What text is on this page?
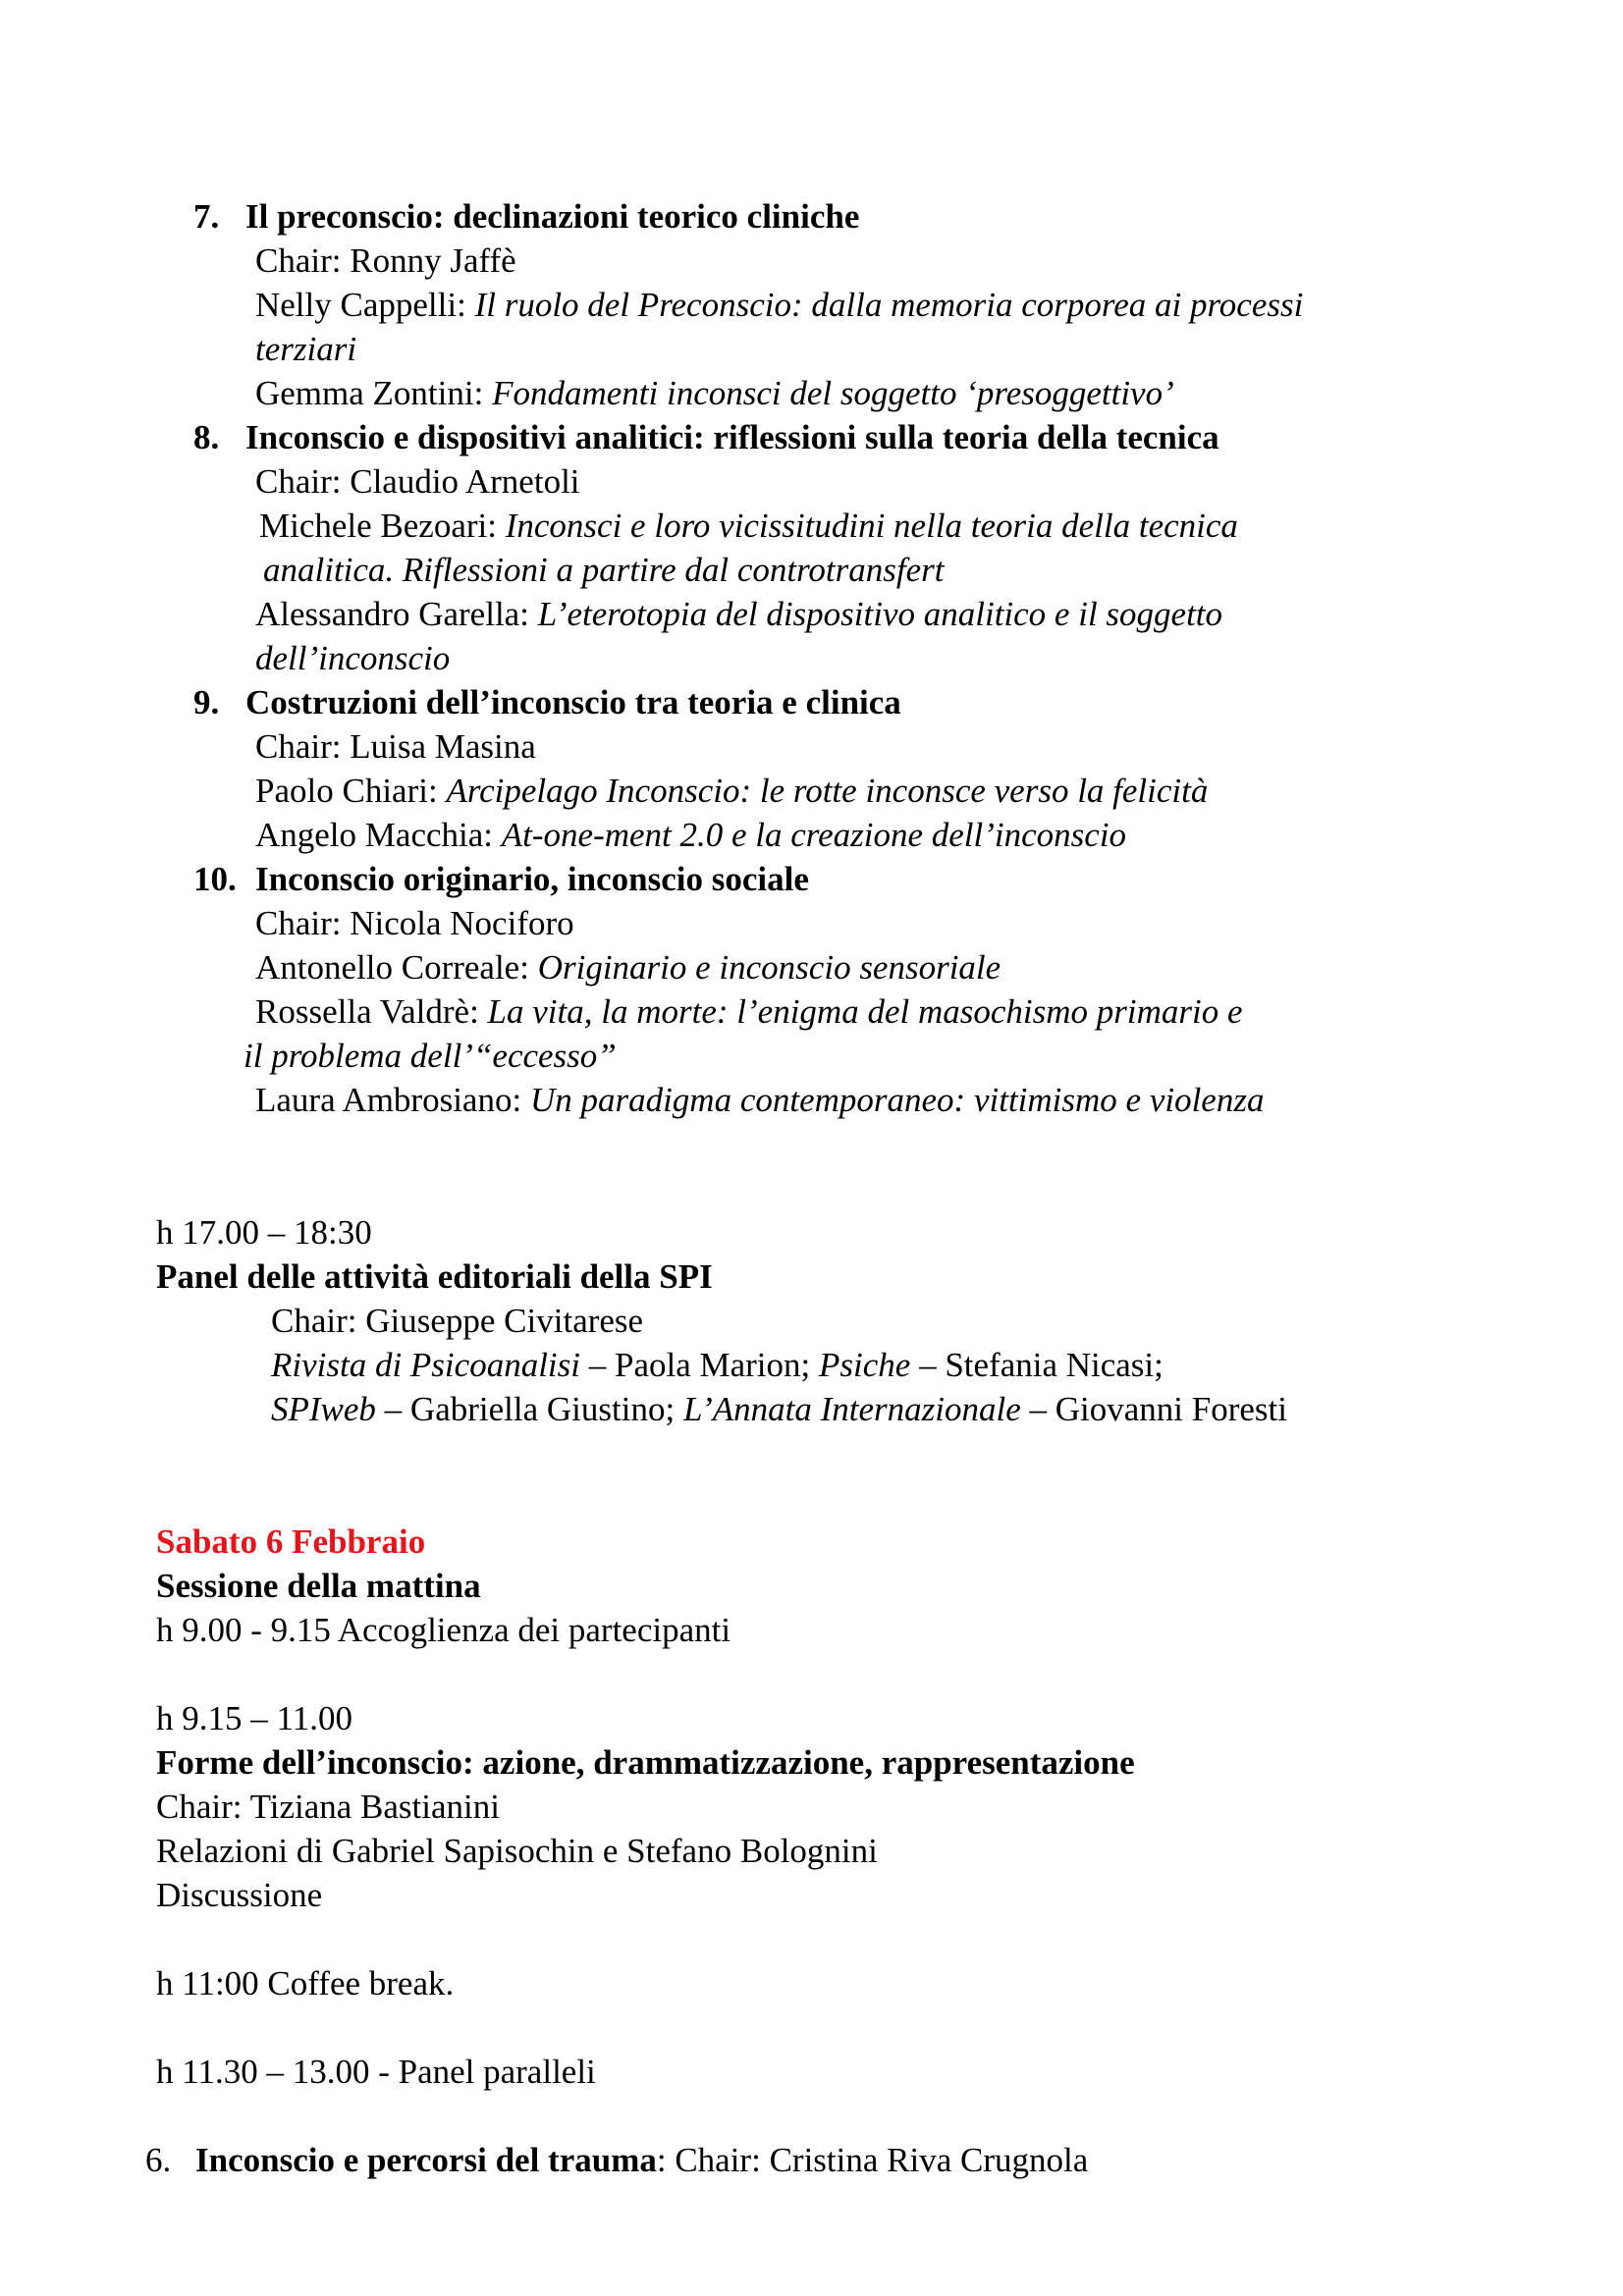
7. Il preconscio: declinazioni teorico cliniche
Chair: Ronny Jaffè
Nelly Cappelli: Il ruolo del Preconscio: dalla memoria corporea ai processi
terziari
Gemma Zontini: Fondamenti inconsci del soggetto ‘presoggettivo’
8. Inconscio e dispositivi analitici: riflessioni sulla teoria della tecnica
Chair: Claudio Arnetoli
Michele Bezoari: Inconsci e loro vicissitudini nella teoria della tecnica
analitica. Riflessioni a partire dal controtransfert
Alessandro Garella: L’eterotopia del dispositivo analitico e il soggetto
dell’inconscio
9. Costruzioni dell’inconscio tra teoria e clinica
Chair: Luisa Masina
Paolo Chiari: Arcipelago Inconscio: le rotte inconsce verso la felicità
Angelo Macchia: At-one-ment 2.0 e la creazione dell’inconscio
10. Inconscio originario, inconscio sociale
Chair: Nicola Nociforo
Antonello Correale: Originario e inconscio sensoriale
Rossella Valdrè: La vita, la morte: l’enigma del masochismo primario e
il problema dell’“eccesso”
Laura Ambrosiano: Un paradigma contemporaneo: vittimismo e violenza
h 17.00 – 18:30
Panel delle attività editoriali della SPI
Chair: Giuseppe Civitarese
Rivista di Psicoanalisi – Paola Marion; Psiche – Stefania Nicasi;
SPIweb – Gabriella Giustino; L’Annata Internazionale – Giovanni Foresti
Sabato 6 Febbraio
Sessione della mattina
h 9.00 - 9.15 Accoglienza dei partecipanti
h 9.15 – 11.00
Forme dell’inconscio: azione, drammatizzazione, rappresentazione
Chair: Tiziana Bastianini
Relazioni di Gabriel Sapisochin e Stefano Bolognini
Discussione
h 11:00 Coffee break.
h 11.30 – 13.00 - Panel paralleli
6. Inconscio e percorsi del trauma: Chair: Cristina Riva Crugnola
